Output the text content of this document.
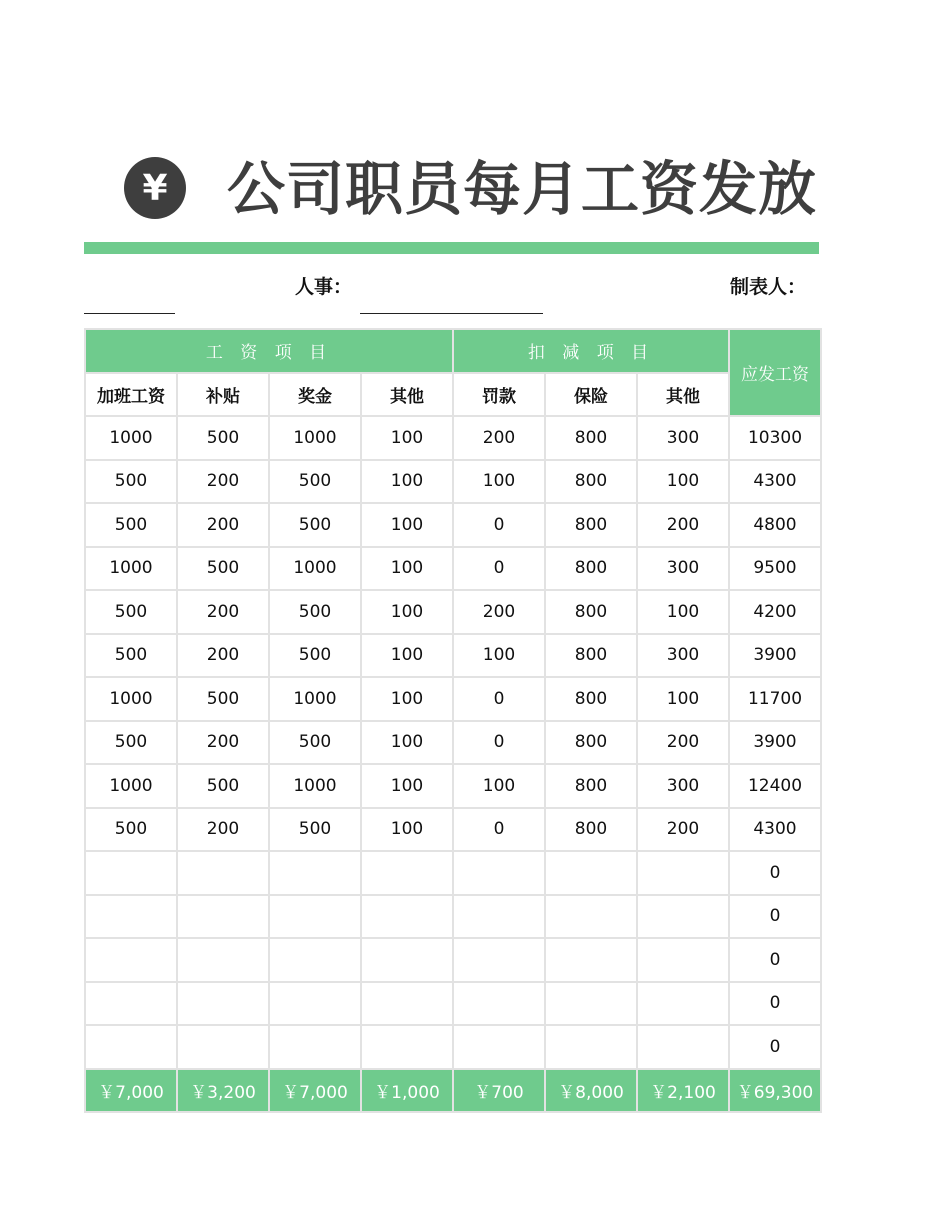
¥	公司职员每月工资发放
人事：	制表人：
工 资 项 目				扣 减 项 目			应发工资
加班工资	补贴	奖金	其他	罚款	保险	其他	
1000	500	1000	100	200	800	300	10300
500	200	500	100	100	800	100	4300
500	200	500	100	0	800	200	4800
1000	500	1000	100	0	800	300	9500
500	200	500	100	200	800	100	4200
500	200	500	100	100	800	300	3900
1000	500	1000	100	0	800	100	11700
500	200	500	100	0	800	200	3900
1000	500	1000	100	100	800	300	12400
500	200	500	100	0	800	200	4300
							0
							0
							0
							0
							0
￥7,000	￥3,200	￥7,000	￥1,000	￥700	￥8,000	￥2,100	￥69,300
